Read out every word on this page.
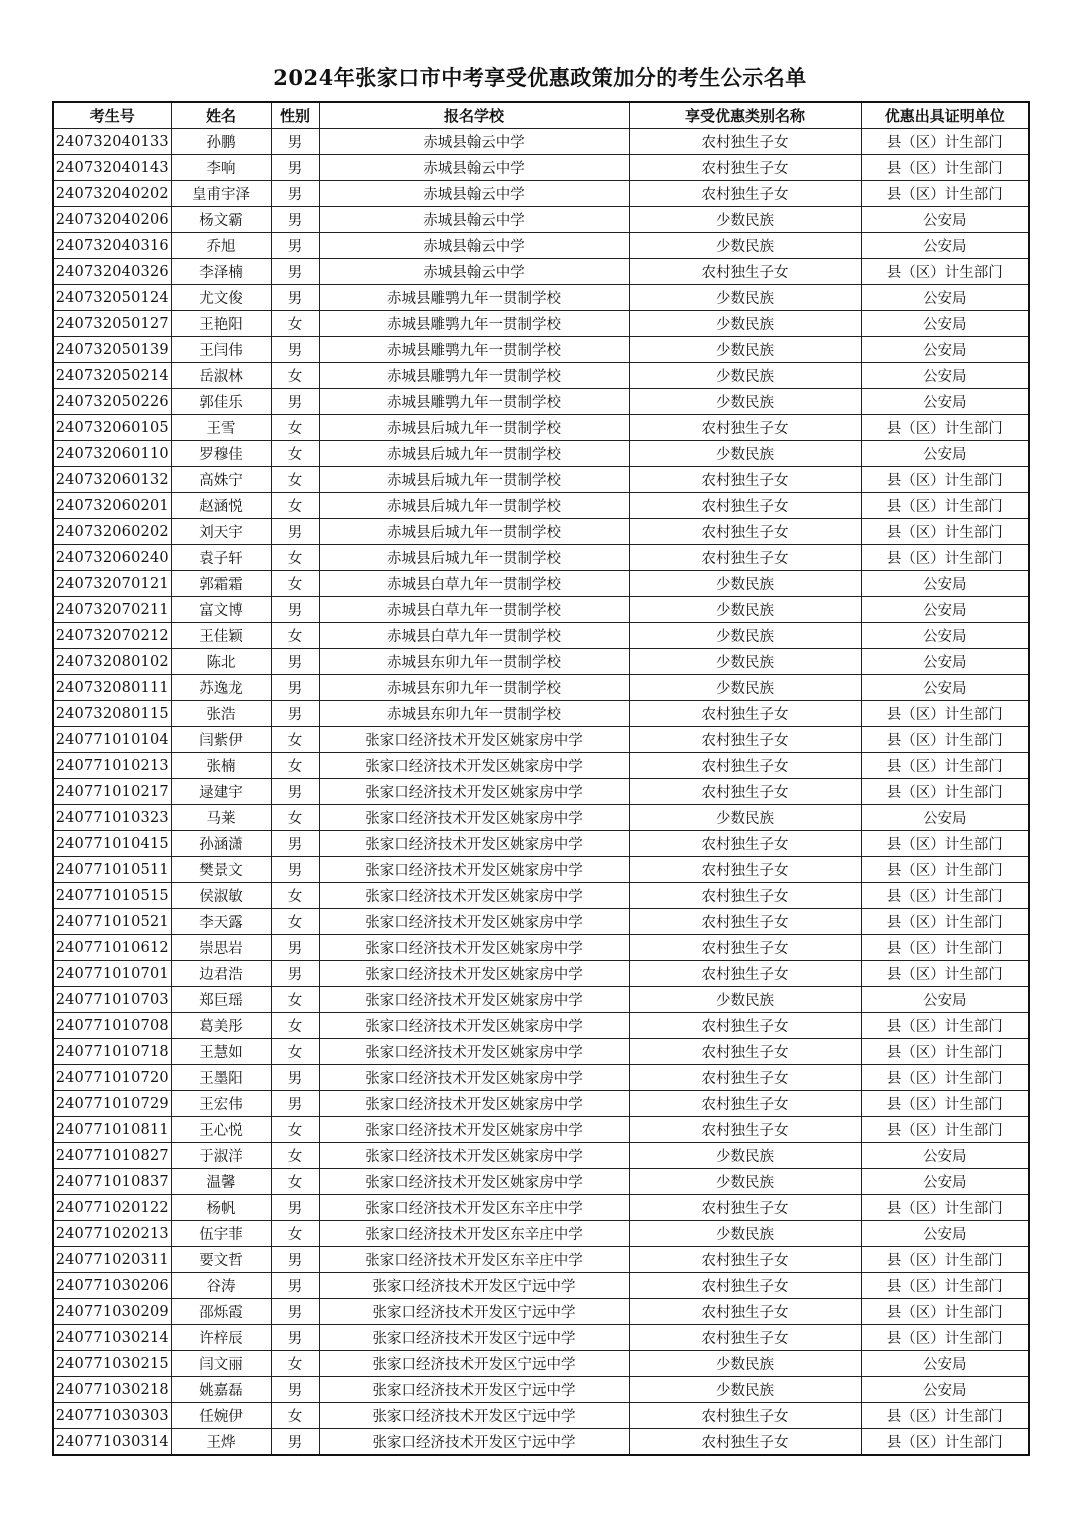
2024年张家口市中考享受优惠政策加分的考生公示名单
考生号	姓名	性别	报名学校	享受优惠类别名称	优惠出具证明单位
240732040133	孙鹏	男	赤城县翰云中学	农村独生子女	县（区）计生部门
240732040143	李响	男	赤城县翰云中学	农村独生子女	县（区）计生部门
240732040202	皇甫宇泽	男	赤城县翰云中学	农村独生子女	县（区）计生部门
240732040206	杨文霸	男	赤城县翰云中学	少数民族	公安局
240732040316	乔旭	男	赤城县翰云中学	少数民族	公安局
240732040326	李泽楠	男	赤城县翰云中学	农村独生子女	县（区）计生部门
240732050124	尤文俊	男	赤城县雕鹗九年一贯制学校	少数民族	公安局
240732050127	王艳阳	女	赤城县雕鹗九年一贯制学校	少数民族	公安局
240732050139	王闫伟	男	赤城县雕鹗九年一贯制学校	少数民族	公安局
240732050214	岳淑林	女	赤城县雕鹗九年一贯制学校	少数民族	公安局
240732050226	郭佳乐	男	赤城县雕鹗九年一贯制学校	少数民族	公安局
240732060105	王雪	女	赤城县后城九年一贯制学校	农村独生子女	县（区）计生部门
240732060110	罗穆佳	女	赤城县后城九年一贯制学校	少数民族	公安局
240732060132	高姝宁	女	赤城县后城九年一贯制学校	农村独生子女	县（区）计生部门
240732060201	赵涵悦	女	赤城县后城九年一贯制学校	农村独生子女	县（区）计生部门
240732060202	刘天宇	男	赤城县后城九年一贯制学校	农村独生子女	县（区）计生部门
240732060240	袁子轩	女	赤城县后城九年一贯制学校	农村独生子女	县（区）计生部门
240732070121	郭霜霜	女	赤城县白草九年一贯制学校	少数民族	公安局
240732070211	富文博	男	赤城县白草九年一贯制学校	少数民族	公安局
240732070212	王佳颖	女	赤城县白草九年一贯制学校	少数民族	公安局
240732080102	陈北	男	赤城县东卯九年一贯制学校	少数民族	公安局
240732080111	苏逸龙	男	赤城县东卯九年一贯制学校	少数民族	公安局
240732080115	张浩	男	赤城县东卯九年一贯制学校	农村独生子女	县（区）计生部门
240771010104	闫紫伊	女	张家口经济技术开发区姚家房中学	农村独生子女	县（区）计生部门
240771010213	张楠	女	张家口经济技术开发区姚家房中学	农村独生子女	县（区）计生部门
240771010217	逯建宇	男	张家口经济技术开发区姚家房中学	农村独生子女	县（区）计生部门
240771010323	马莱	女	张家口经济技术开发区姚家房中学	少数民族	公安局
240771010415	孙涵潇	男	张家口经济技术开发区姚家房中学	农村独生子女	县（区）计生部门
240771010511	樊景文	男	张家口经济技术开发区姚家房中学	农村独生子女	县（区）计生部门
240771010515	侯淑敏	女	张家口经济技术开发区姚家房中学	农村独生子女	县（区）计生部门
240771010521	李天露	女	张家口经济技术开发区姚家房中学	农村独生子女	县（区）计生部门
240771010612	崇思岩	男	张家口经济技术开发区姚家房中学	农村独生子女	县（区）计生部门
240771010701	边君浩	男	张家口经济技术开发区姚家房中学	农村独生子女	县（区）计生部门
240771010703	郑巨瑶	女	张家口经济技术开发区姚家房中学	少数民族	公安局
240771010708	葛美彤	女	张家口经济技术开发区姚家房中学	农村独生子女	县（区）计生部门
240771010718	王慧如	女	张家口经济技术开发区姚家房中学	农村独生子女	县（区）计生部门
240771010720	王墨阳	男	张家口经济技术开发区姚家房中学	农村独生子女	县（区）计生部门
240771010729	王宏伟	男	张家口经济技术开发区姚家房中学	农村独生子女	县（区）计生部门
240771010811	王心悦	女	张家口经济技术开发区姚家房中学	农村独生子女	县（区）计生部门
240771010827	于淑洋	女	张家口经济技术开发区姚家房中学	少数民族	公安局
240771010837	温馨	女	张家口经济技术开发区姚家房中学	少数民族	公安局
240771020122	杨帆	男	张家口经济技术开发区东辛庄中学	农村独生子女	县（区）计生部门
240771020213	伍宇菲	女	张家口经济技术开发区东辛庄中学	少数民族	公安局
240771020311	要文哲	男	张家口经济技术开发区东辛庄中学	农村独生子女	县（区）计生部门
240771030206	谷涛	男	张家口经济技术开发区宁远中学	农村独生子女	县（区）计生部门
240771030209	邵烁霞	男	张家口经济技术开发区宁远中学	农村独生子女	县（区）计生部门
240771030214	许梓辰	男	张家口经济技术开发区宁远中学	农村独生子女	县（区）计生部门
240771030215	闫文丽	女	张家口经济技术开发区宁远中学	少数民族	公安局
240771030218	姚嘉磊	男	张家口经济技术开发区宁远中学	少数民族	公安局
240771030303	任婉伊	女	张家口经济技术开发区宁远中学	农村独生子女	县（区）计生部门
240771030314	王烨	男	张家口经济技术开发区宁远中学	农村独生子女	县（区）计生部门
